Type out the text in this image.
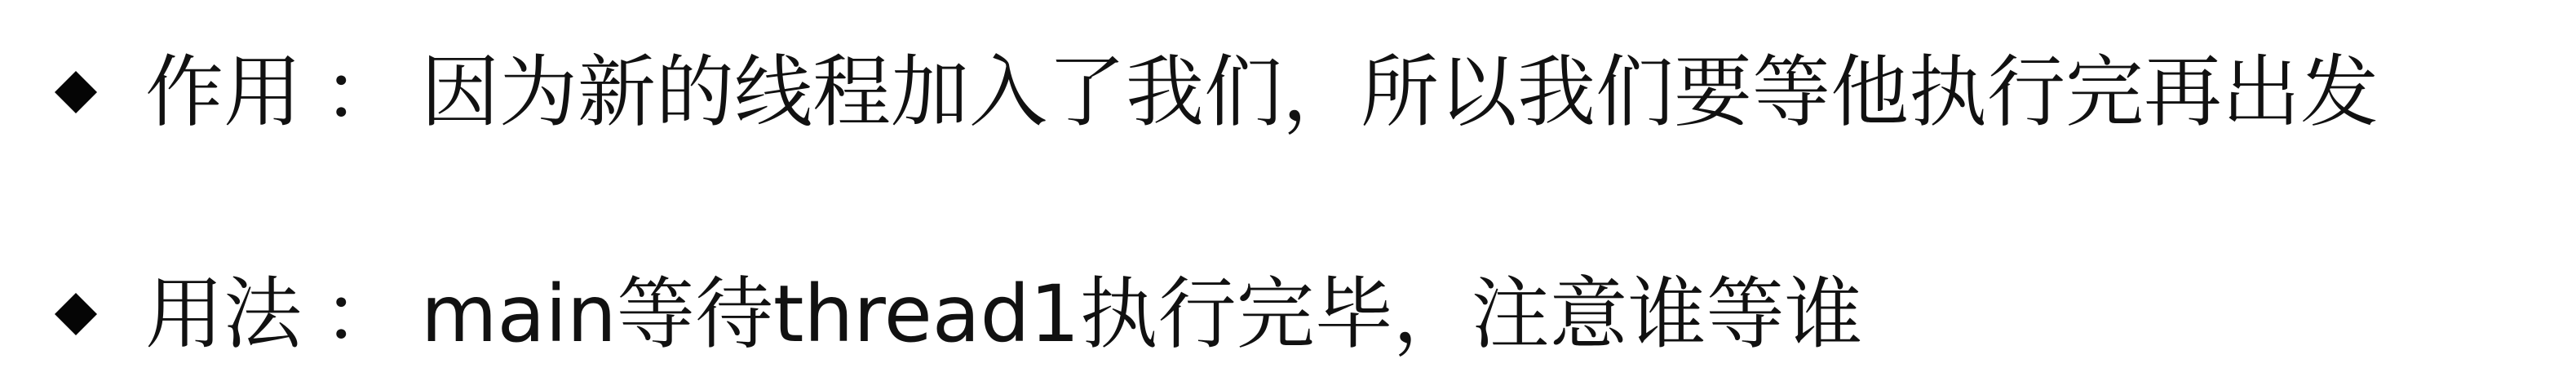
作用 ： 因为新的线程加入了我们，所以我们要等他执行完再出发
用法 ： main等待thread1执行完毕，注意谁等谁
